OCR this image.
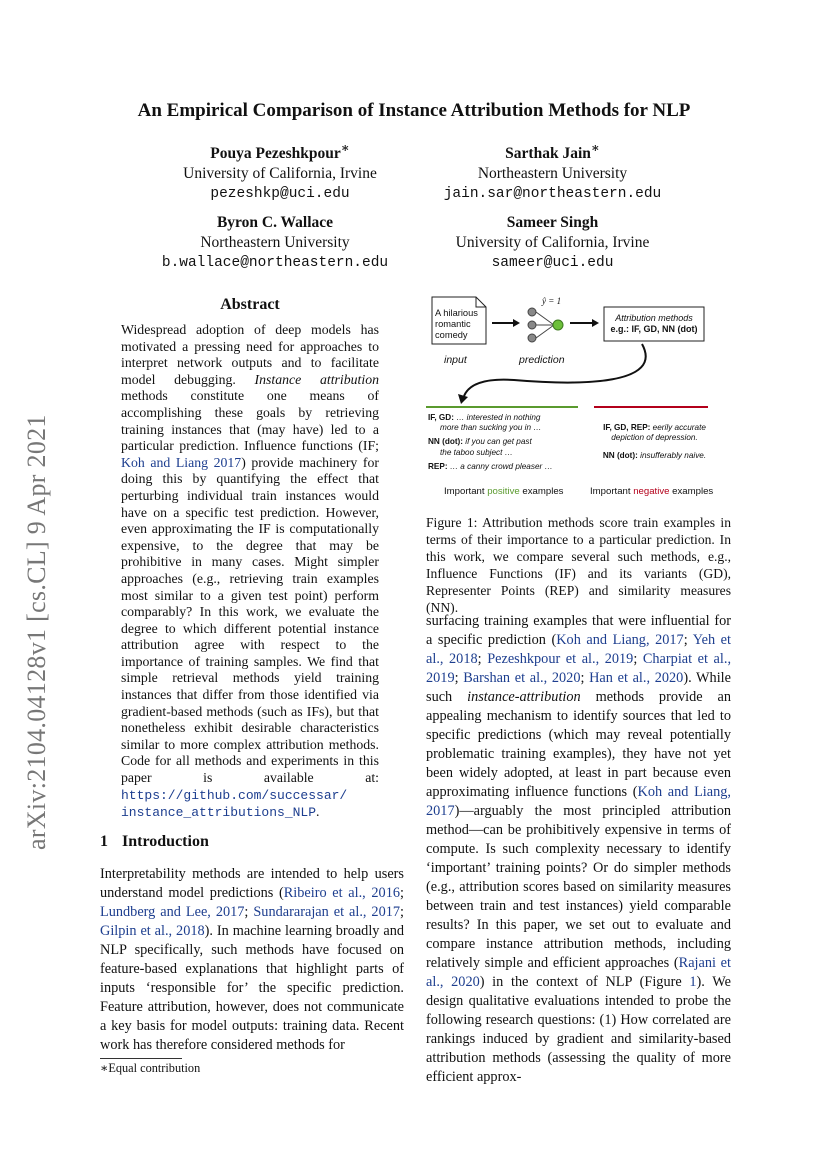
arXiv:2104.04128v1 [cs.CL] 9 Apr 2021
An Empirical Comparison of Instance Attribution Methods for NLP
Pouya Pezeshkpour∗
University of California, Irvine
pezeshkp@uci.edu
Sarthak Jain∗
Northeastern University
jain.sar@northeastern.edu
Byron C. Wallace
Northeastern University
b.wallace@northeastern.edu
Sameer Singh
University of California, Irvine
sameer@uci.edu
Abstract

Widespread adoption of deep models has motivated a pressing need for approaches to interpret network outputs and to facilitate model debugging. Instance attribution methods constitute one means of accomplishing these goals by retrieving training instances that (may have) led to a particular prediction. Influence functions (IF; Koh and Liang 2017) provide machinery for doing this by quantifying the effect that perturbing individual train instances would have on a specific test prediction. However, even approximating the IF is computationally expensive, to the degree that may be prohibitive in many cases. Might simpler approaches (e.g., retrieving train examples most similar to a given test point) perform comparably? In this work, we evaluate the degree to which different potential instance attribution agree with respect to the importance of training samples. We find that simple retrieval methods yield training instances that differ from those identified via gradient-based methods (such as IFs), but that nonetheless exhibit desirable characteristics similar to more complex attribution methods. Code for all methods and experiments in this paper is available at: https://github.com/successar/
instance_attributions_NLP.

1 Introduction

Interpretability methods are intended to help users understand model predictions (Ribeiro et al., 2016; Lundberg and Lee, 2017; Sundararajan et al., 2017; Gilpin et al., 2018). In machine learning broadly and NLP specifically, such methods have focused on feature-based explanations that highlight parts of inputs ‘responsible for’ the specific prediction. Feature attribution, however, does not communicate a key basis for model outputs: training data. Recent work has therefore considered methods for

∗Equal contribution
A hilarious
romantic
comedy
ŷ = 1
Attribution methods
e.g.: IF, GD, NN (dot)
input	prediction
IF, GD: … interested in nothing
more than sucking you in …
NN (dot): if you can get past
the taboo subject …
REP: … a canny crowd pleaser …
IF, GD, REP: eerily accurate
depiction of depression.
NN (dot): insufferably naive.
Important positive examples	Important negative examples
Figure 1: Attribution methods score train examples in terms of their importance to a particular prediction. In this work, we compare several such methods, e.g., Influence Functions (IF) and its variants (GD), Representer Points (REP) and similarity measures (NN).

surfacing training examples that were influential for a specific prediction (Koh and Liang, 2017; Yeh et al., 2018; Pezeshkpour et al., 2019; Charpiat et al., 2019; Barshan et al., 2020; Han et al., 2020). While such instance-attribution methods provide an appealing mechanism to identify sources that led to specific predictions (which may reveal potentially problematic training examples), they have not yet been widely adopted, at least in part because even approximating influence functions (Koh and Liang, 2017)—arguably the most principled attribution method—can be prohibitively expensive in terms of compute. Is such complexity necessary to identify ‘important’ training points? Or do simpler methods (e.g., attribution scores based on similarity measures between train and test instances) yield comparable results? In this paper, we set out to evaluate and compare instance attribution methods, including relatively simple and efficient approaches (Rajani et al., 2020) in the context of NLP (Figure 1). We design qualitative evaluations intended to probe the following research questions: (1) How correlated are rankings induced by gradient and similarity-based attribution methods (assessing the quality of more efficient approx-
